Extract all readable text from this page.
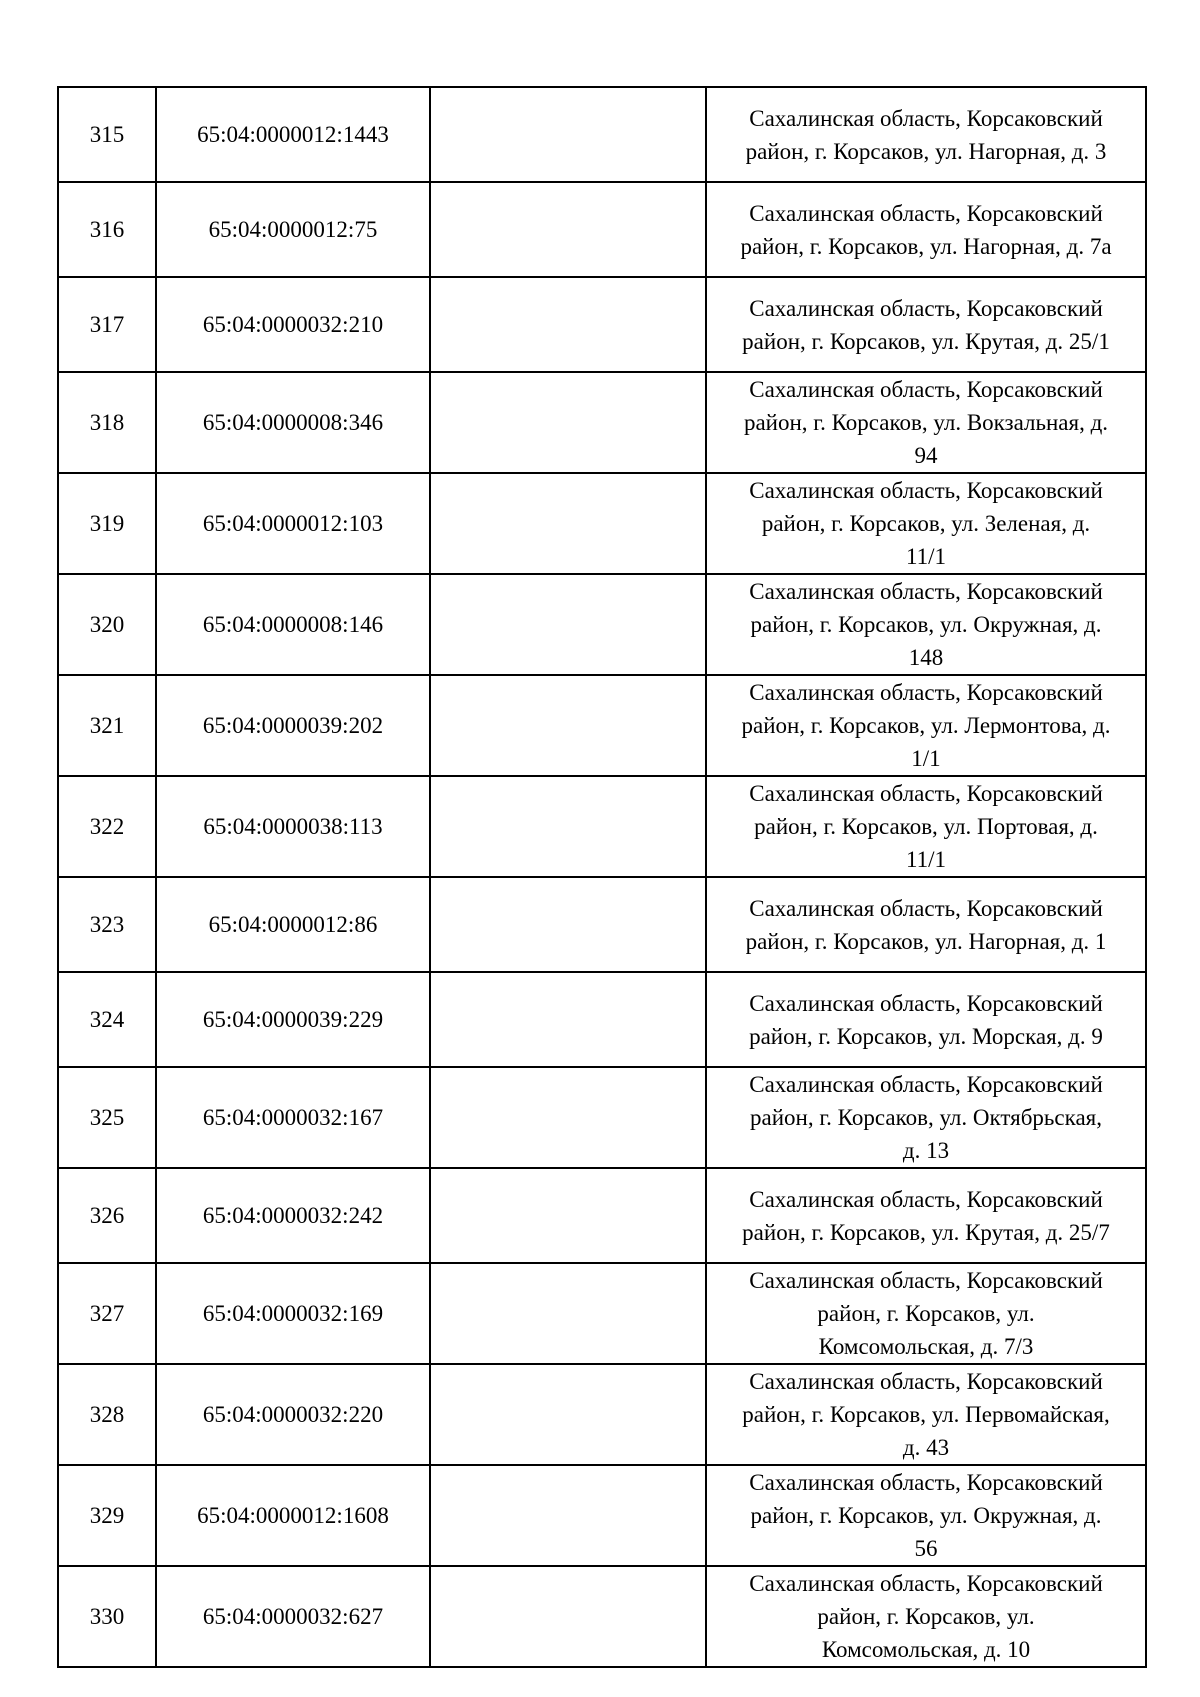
315	65:04:0000012:1443		Сахалинская область, Корсаковский
район, г. Корсаков, ул. Нагорная, д. 3

316	65:04:0000012:75		Сахалинская область, Корсаковский
район, г. Корсаков, ул. Нагорная, д. 7а

317	65:04:0000032:210		Сахалинская область, Корсаковский
район, г. Корсаков, ул. Крутая, д. 25/1

318	65:04:0000008:346		Сахалинская область, Корсаковский
район, г. Корсаков, ул. Вокзальная, д.
94

319	65:04:0000012:103		Сахалинская область, Корсаковский
район, г. Корсаков, ул. Зеленая, д.
11/1

320	65:04:0000008:146		Сахалинская область, Корсаковский
район, г. Корсаков, ул. Окружная, д.
148

321	65:04:0000039:202		Сахалинская область, Корсаковский
район, г. Корсаков, ул. Лермонтова, д.
1/1

322	65:04:0000038:113		Сахалинская область, Корсаковский
район, г. Корсаков, ул. Портовая, д.
11/1

323	65:04:0000012:86		Сахалинская область, Корсаковский
район, г. Корсаков, ул. Нагорная, д. 1

324	65:04:0000039:229		Сахалинская область, Корсаковский
район, г. Корсаков, ул. Морская, д. 9

325	65:04:0000032:167		Сахалинская область, Корсаковский
район, г. Корсаков, ул. Октябрьская,
д. 13

326	65:04:0000032:242		Сахалинская область, Корсаковский
район, г. Корсаков, ул. Крутая, д. 25/7

327	65:04:0000032:169		Сахалинская область, Корсаковский
район, г. Корсаков, ул.
Комсомольская, д. 7/3

328	65:04:0000032:220		Сахалинская область, Корсаковский
район, г. Корсаков, ул. Первомайская,
д. 43

329	65:04:0000012:1608		Сахалинская область, Корсаковский
район, г. Корсаков, ул. Окружная, д.
56

330	65:04:0000032:627		Сахалинская область, Корсаковский
район, г. Корсаков, ул.
Комсомольская, д. 10
